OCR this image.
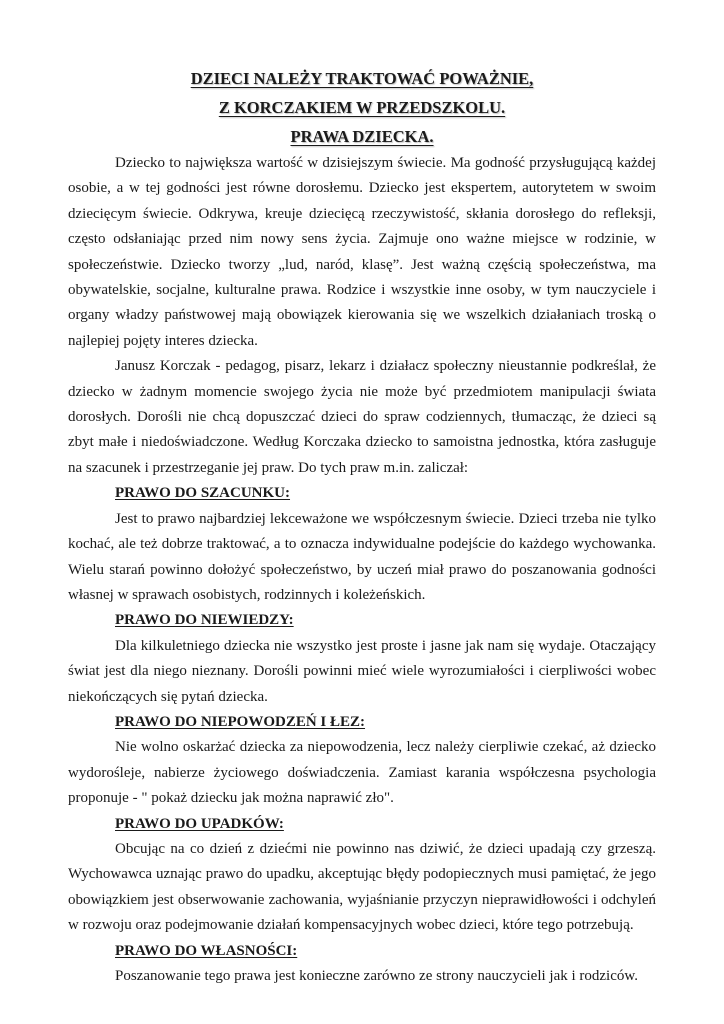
DZIECI NALEŻY TRAKTOWAĆ POWAŻNIE,

Z KORCZAKIEM W PRZEDSZKOLU.

PRAWA DZIECKA.

Dziecko to największa wartość w dzisiejszym świecie. Ma godność przysługującą każdej osobie, a w tej godności jest równe dorosłemu. Dziecko jest ekspertem, autorytetem w swoim dziecięcym świecie. Odkrywa, kreuje dziecięcą rzeczywistość, skłania dorosłego do refleksji, często odsłaniając przed nim nowy sens życia. Zajmuje ono ważne miejsce w rodzinie, w społeczeństwie. Dziecko tworzy „lud, naród, klasę”. Jest ważną częścią społeczeństwa, ma obywatelskie, socjalne, kulturalne prawa. Rodzice i wszystkie inne osoby, w tym nauczyciele i organy władzy państwowej mają obowiązek kierowania się we wszelkich działaniach troską o najlepiej pojęty interes dziecka.

Janusz Korczak - pedagog, pisarz, lekarz i działacz społeczny nieustannie podkreślał, że dziecko w żadnym momencie swojego życia nie może być przedmiotem manipulacji świata dorosłych. Dorośli nie chcą dopuszczać dzieci do spraw codziennych, tłumacząc, że dzieci są zbyt małe i niedoświadczone. Według Korczaka dziecko to samoistna jednostka, która zasługuje na szacunek i przestrzeganie jej praw. Do tych praw m.in. zaliczał:

PRAWO DO SZACUNKU:

Jest to prawo najbardziej lekceważone we współczesnym świecie. Dzieci trzeba nie tylko kochać, ale też dobrze traktować, a to oznacza indywidualne podejście do każdego wychowanka. Wielu starań powinno dołożyć społeczeństwo, by uczeń miał prawo do poszanowania godności własnej w sprawach osobistych, rodzinnych i koleżeńskich.

PRAWO DO NIEWIEDZY:

Dla kilkuletniego dziecka nie wszystko jest proste i jasne jak nam się wydaje. Otaczający świat jest dla niego nieznany. Dorośli powinni mieć wiele wyrozumiałości i cierpliwości wobec niekończących się pytań dziecka.

PRAWO DO NIEPOWODZEŃ I ŁEZ:

Nie wolno oskarżać dziecka za niepowodzenia, lecz należy cierpliwie czekać, aż dziecko wydorośleje, nabierze życiowego doświadczenia. Zamiast karania współczesna psychologia proponuje - " pokaż dziecku jak można naprawić zło".

PRAWO DO UPADKÓW:

Obcując na co dzień z dziećmi nie powinno nas dziwić, że dzieci upadają czy grzeszą. Wychowawca uznając prawo do upadku, akceptując błędy podopiecznych musi pamiętać, że jego obowiązkiem jest obserwowanie zachowania, wyjaśnianie przyczyn nieprawidłowości i odchyleń w rozwoju oraz podejmowanie działań kompensacyjnych wobec dzieci, które tego potrzebują.

PRAWO DO WŁASNOŚCI:

Poszanowanie tego prawa jest konieczne zarówno ze strony nauczycieli jak i rodziców.
